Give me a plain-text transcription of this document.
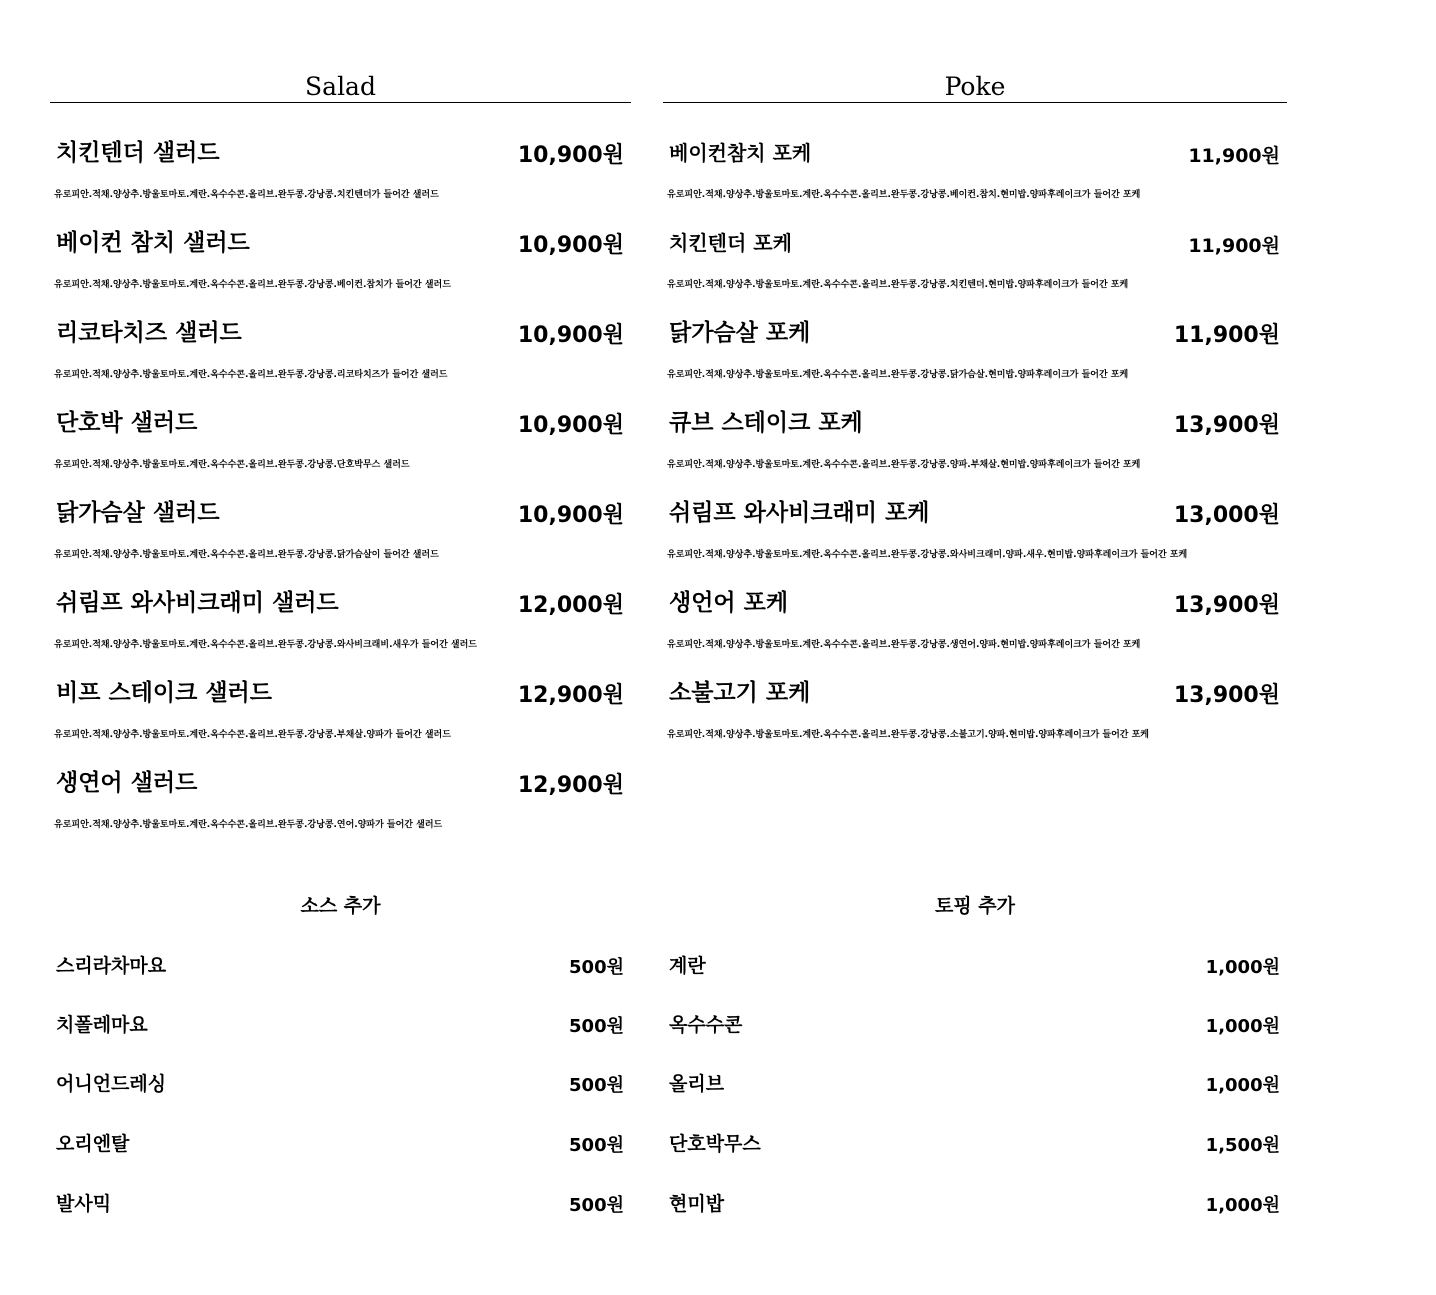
Salad
치킨텐더 샐러드	10,900원
유로피안.적채.양상추.방울토마토.계란.옥수수콘.올리브.완두콩.강낭콩.치킨텐더가 들어간 샐러드
베이컨 참치 샐러드	10,900원
유로피안.적채.양상추.방울토마토.계란.옥수수콘.올리브.완두콩.강낭콩.베이컨.참치가 들어간 샐러드
리코타치즈 샐러드	10,900원
유로피안.적채.양상추.방울토마토.계란.옥수수콘.올리브.완두콩.강낭콩.리코타치즈가 들어간 샐러드
단호박 샐러드	10,900원
유로피안.적채.양상추.방울토마토.계란.옥수수콘.올리브.완두콩.강낭콩.단호박무스 샐러드
닭가슴살 샐러드	10,900원
유로피안.적채.양상추.방울토마토.계란.옥수수콘.올리브.완두콩.강낭콩.닭가슴살이 들어간 샐러드
쉬림프 와사비크래미 샐러드	12,000원
유로피안.적채.양상추.방울토마토.계란.옥수수콘.올리브.완두콩.강낭콩.와사비크래비.새우가 들어간 샐러드
비프 스테이크 샐러드	12,900원
유로피안.적채.양상추.방울토마토.계란.옥수수콘.올리브.완두콩.강낭콩.부채살.양파가 들어간 샐러드
생연어 샐러드	12,900원
유로피안.적채.양상추.방울토마토.계란.옥수수콘.올리브.완두콩.강낭콩.연어.양파가 들어간 샐러드
소스 추가
스리라차마요	500원
치폴레마요	500원
어니언드레싱	500원
오리엔탈	500원
발사믹	500원
Poke
베이컨참치 포케	11,900원
유로피안.적채.양상추.방울토마토.계란.옥수수콘.올리브.완두콩.강낭콩.베이컨.참치.현미밥.양파후레이크가 들어간 포케
치킨텐더 포케	11,900원
유로피안.적채.양상추.방울토마토.계란.옥수수콘.올리브.완두콩.강낭콩.치킨텐더.현미밥.양파후레이크가 들어간 포케
닭가슴살 포케	11,900원
유로피안.적채.양상추.방울토마토.계란.옥수수콘.올리브.완두콩.강낭콩.닭가슴살.현미밥.양파후레이크가 들어간 포케
큐브 스테이크 포케	13,900원
유로피안.적채.양상추.방울토마토.계란.옥수수콘.올리브.완두콩.강낭콩.양파.부채살.현미밥.양파후레이크가 들어간 포케
쉬림프 와사비크래미 포케	13,000원
유로피안.적채.양상추.방울토마토.계란.옥수수콘.올리브.완두콩.강낭콩.와사비크래미.양파.새우.현미밥.양파후레이크가 들어간 포케
생언어 포케	13,900원
유로피안.적채.양상추.방울토마토.계란.옥수수콘.올리브.완두콩.강낭콩.생연어.양파.현미밥.양파후레이크가 들어간 포케
소불고기 포케	13,900원
유로피안.적채.양상추.방울토마토.계란.옥수수콘.올리브.완두콩.강낭콩.소불고기.양파.현미밥.양파후레이크가 들어간 포케
토핑 추가
계란	1,000원
옥수수콘	1,000원
올리브	1,000원
단호박무스	1,500원
현미밥	1,000원
